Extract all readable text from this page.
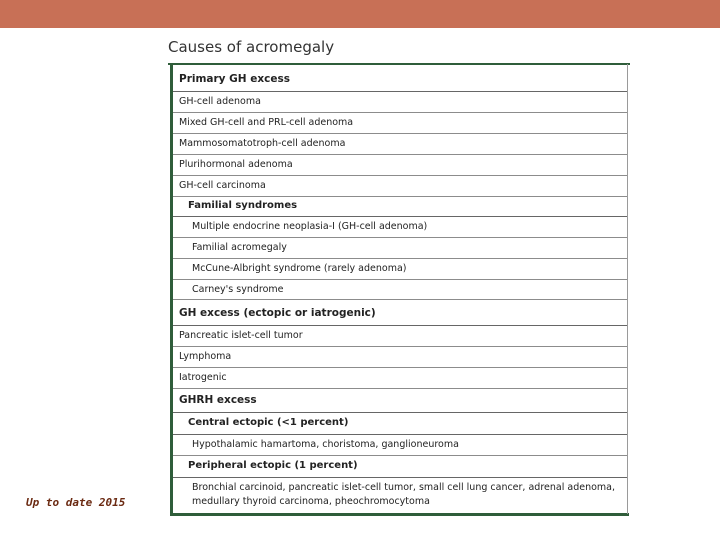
Causes of acromegaly
Primary GH excess
GH-cell adenoma
Mixed GH-cell and PRL-cell adenoma
Mammosomatotroph-cell adenoma
Plurihormonal adenoma
GH-cell carcinoma
Familial syndromes
Multiple endocrine neoplasia-I (GH-cell adenoma)
Familial acromegaly
McCune-Albright syndrome (rarely adenoma)
Carney's syndrome
GH excess (ectopic or iatrogenic)
Pancreatic islet-cell tumor
Lymphoma
Iatrogenic
GHRH excess
Central ectopic (<1 percent)
Hypothalamic hamartoma, choristoma, ganglioneuroma
Peripheral ectopic (1 percent)
Bronchial carcinoid, pancreatic islet-cell tumor, small cell lung cancer, adrenal adenoma,
medullary thyroid carcinoma, pheochromocytoma
Up to date 2015
